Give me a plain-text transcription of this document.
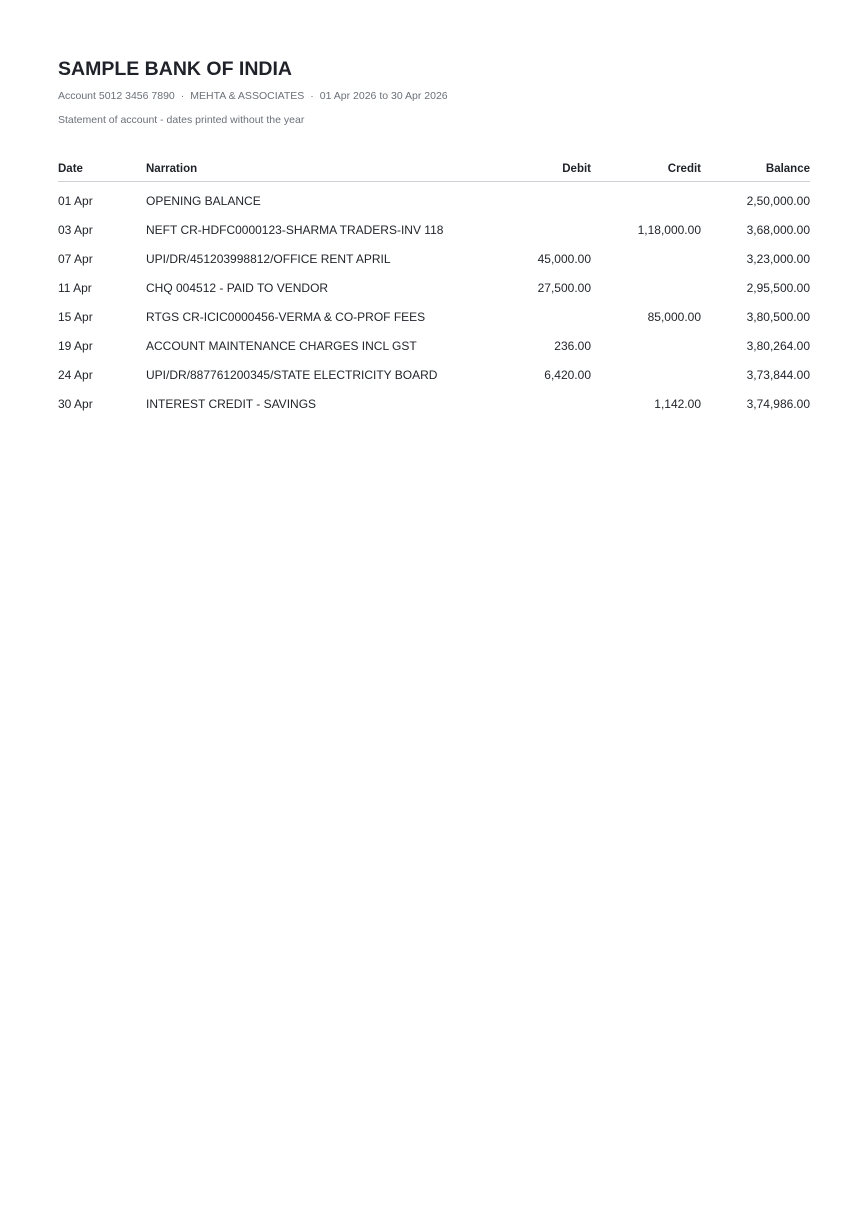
SAMPLE BANK OF INDIA
Account 5012 3456 7890 · MEHTA & ASSOCIATES · 01 Apr 2026 to 30 Apr 2026
Statement of account - dates printed without the year
Date	Narration	Debit	Credit	Balance
01 Apr	OPENING BALANCE			2,50,000.00
03 Apr	NEFT CR-HDFC0000123-SHARMA TRADERS-INV 118		1,18,000.00	3,68,000.00
07 Apr	UPI/DR/451203998812/OFFICE RENT APRIL	45,000.00		3,23,000.00
11 Apr	CHQ 004512 - PAID TO VENDOR	27,500.00		2,95,500.00
15 Apr	RTGS CR-ICIC0000456-VERMA & CO-PROF FEES		85,000.00	3,80,500.00
19 Apr	ACCOUNT MAINTENANCE CHARGES INCL GST	236.00		3,80,264.00
24 Apr	UPI/DR/887761200345/STATE ELECTRICITY BOARD	6,420.00		3,73,844.00
30 Apr	INTEREST CREDIT - SAVINGS		1,142.00	3,74,986.00
